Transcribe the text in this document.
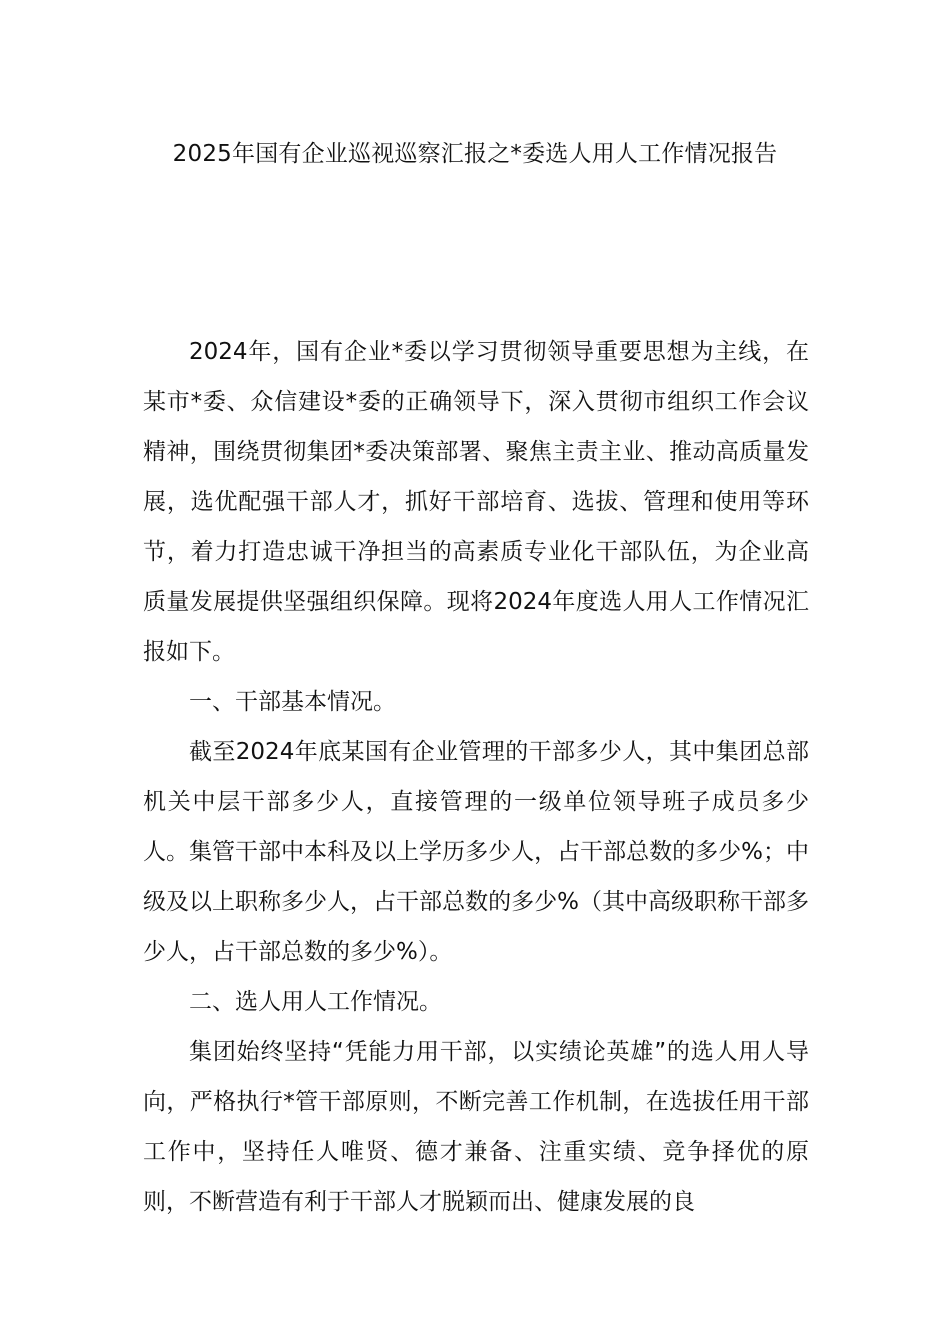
2025年国有企业巡视巡察汇报之*委选人用人工作情况报告

2024年，国有企业*委以学习贯彻领导重要思想为主线，在某市*委、众信建设*委的正确领导下，深入贯彻市组织工作会议精神，围绕贯彻集团*委决策部署、聚焦主责主业、推动高质量发展，选优配强干部人才，抓好干部培育、选拔、管理和使用等环节，着力打造忠诚干净担当的高素质专业化干部队伍，为企业高质量发展提供坚强组织保障。现将2024年度选人用人工作情况汇报如下。

一、干部基本情况。

截至2024年底某国有企业管理的干部多少人，其中集团总部机关中层干部多少人，直接管理的一级单位领导班子成员多少人。集管干部中本科及以上学历多少人，占干部总数的多少%；中级及以上职称多少人，占干部总数的多少%（其中高级职称干部多少人，占干部总数的多少%）。

二、选人用人工作情况。

集团始终坚持“凭能力用干部，以实绩论英雄”的选人用人导向，严格执行*管干部原则，不断完善工作机制，在选拔任用干部工作中，坚持任人唯贤、德才兼备、注重实绩、竞争择优的原则，不断营造有利于干部人才脱颖而出、健康发展的良
